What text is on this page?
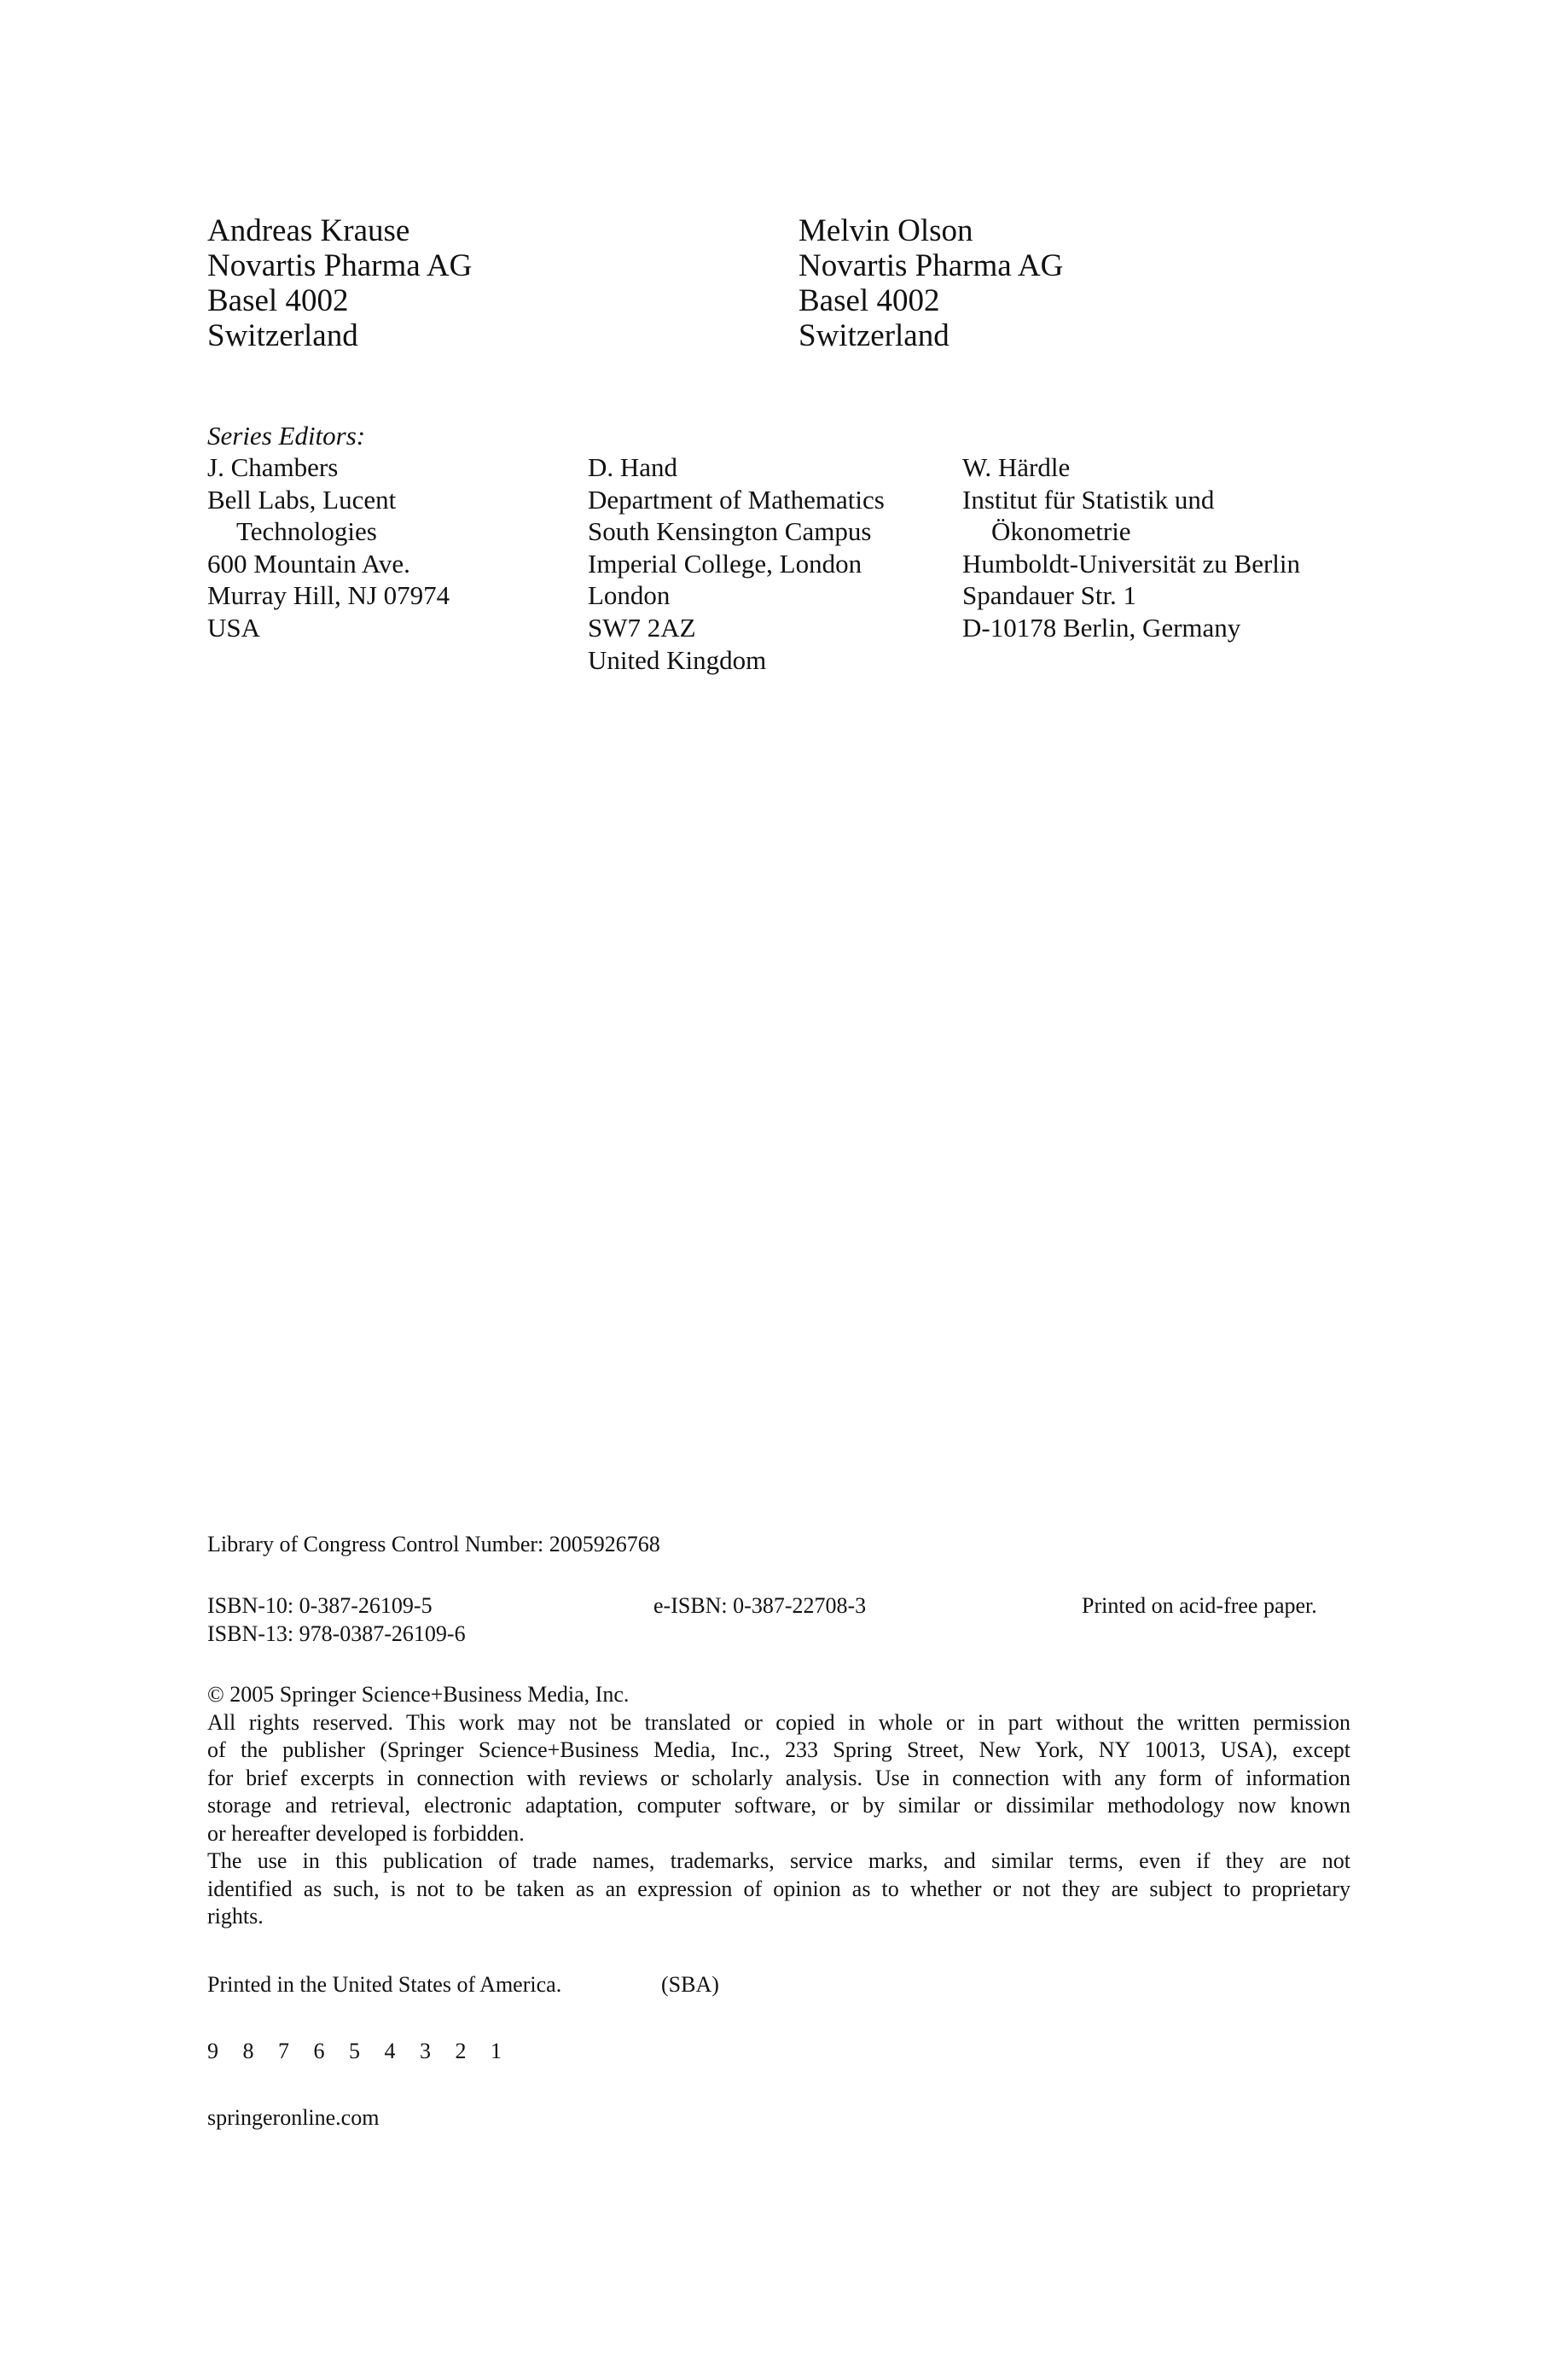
Andreas Krause
Novartis Pharma AG
Basel 4002
Switzerland
Melvin Olson
Novartis Pharma AG
Basel 4002
Switzerland
Series Editors:
J. Chambers
Bell Labs, Lucent
Technologies
600 Mountain Ave.
Murray Hill, NJ 07974
USA
D. Hand
Department of Mathematics
South Kensington Campus
Imperial College, London
London
SW7 2AZ
United Kingdom
W. Härdle
Institut für Statistik und
Ökonometrie
Humboldt-Universität zu Berlin
Spandauer Str. 1
D-10178 Berlin, Germany
Library of Congress Control Number: 2005926768
ISBN-10: 0-387-26109-5
ISBN-13: 978-0387-26109-6
e-ISBN: 0-387-22708-3	Printed on acid-free paper.
© 2005 Springer Science+Business Media, Inc.
All rights reserved. This work may not be translated or copied in whole or in part without the written permission
of the publisher (Springer Science+Business Media, Inc., 233 Spring Street, New York, NY 10013, USA), except
for brief excerpts in connection with reviews or scholarly analysis. Use in connection with any form of information
storage and retrieval, electronic adaptation, computer software, or by similar or dissimilar methodology now known
or hereafter developed is forbidden.
The use in this publication of trade names, trademarks, service marks, and similar terms, even if they are not
identified as such, is not to be taken as an expression of opinion as to whether or not they are subject to proprietary
rights.
Printed in the United States of America.	(SBA)
9 8 7 6 5 4 3 2 1
springeronline.com
